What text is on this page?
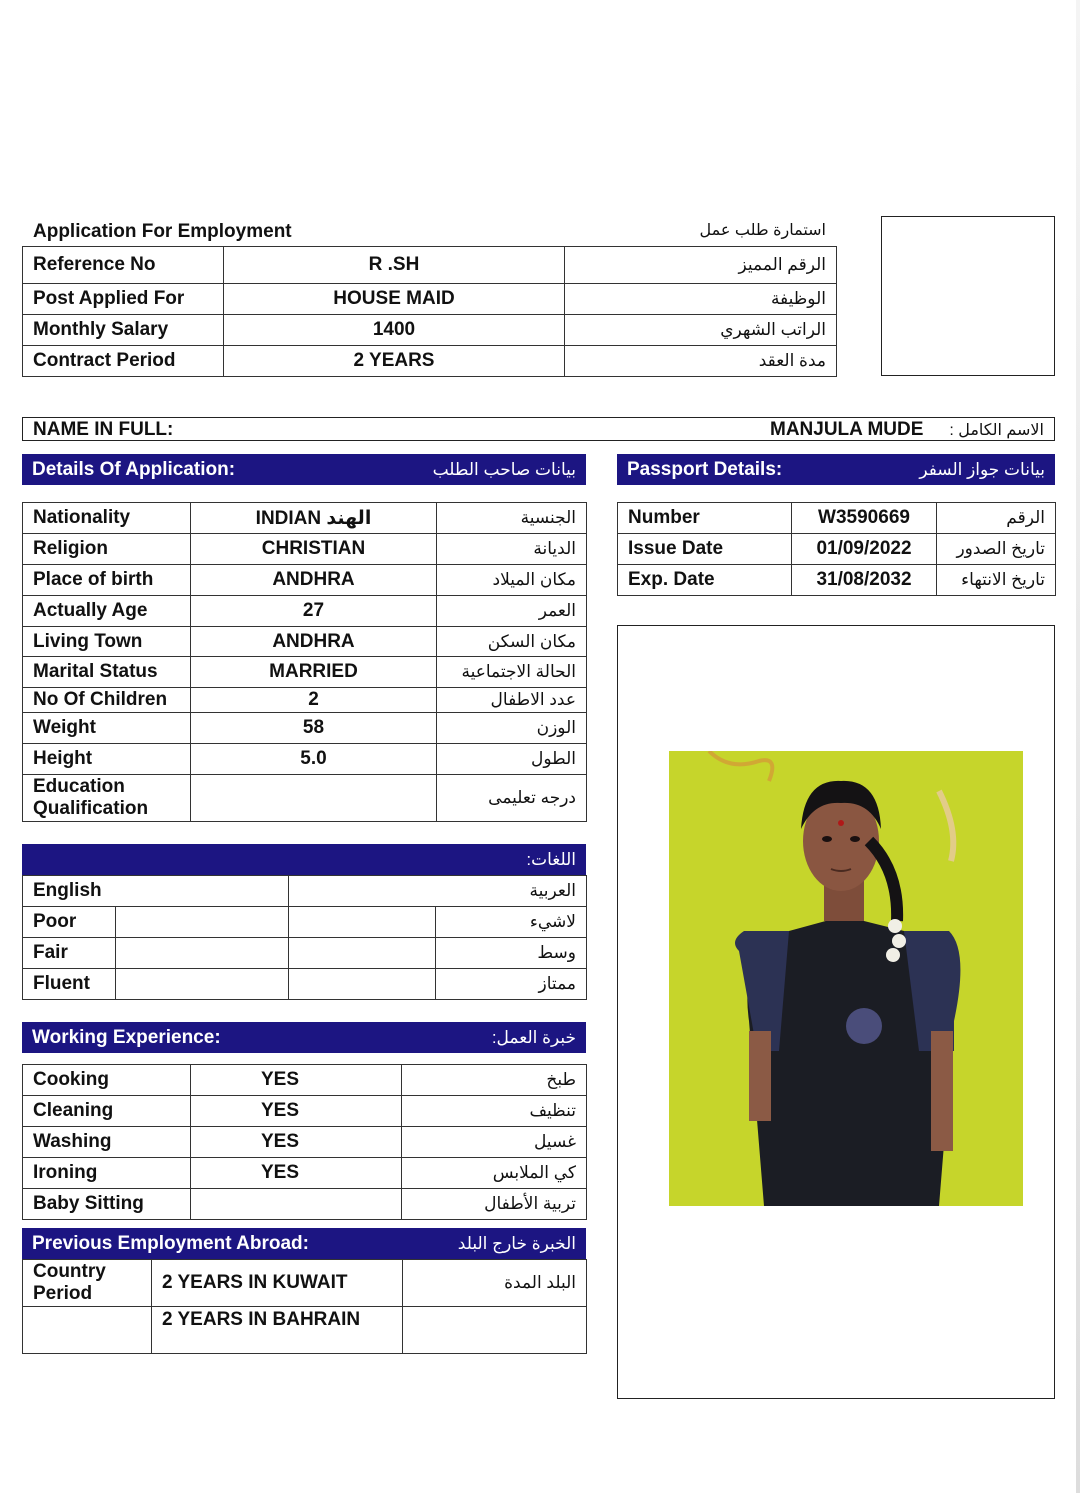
Application For Employment	استمارة طلب عمل
Reference No	R .SH	الرقم المميز
Post Applied For	HOUSE MAID	الوظيفة
Monthly Salary	1400	الراتب الشهري
Contract Period	2 YEARS	مدة العقد
NAME IN FULL:	MANJULA MUDE الاسم الكامل :
Details Of Application:	بيانات صاحب الطلب
Nationality	INDIAN الهند	الجنسية
Religion	CHRISTIAN	الديانة
Place of birth	ANDHRA	مكان الميلاد
Actually Age	27	العمر
Living Town	ANDHRA	مكان السكن
Marital Status	MARRIED	الحالة الاجتماعية
No Of Children	2	عدد الاطفال
Weight	58	الوزن
Height	5.0	الطول
Education Qualification		درجه تعليمى
Passport Details:	بيانات جواز السفر
Number	W3590669	الرقم
Issue Date	01/09/2022	تاريخ الصدور
Exp. Date	31/08/2032	تاريخ الانتهاء
اللغات:
English		العربية	
Poor			لاشيء
Fair			وسط
Fluent			ممتاز
Working Experience:	خبرة العمل:
Cooking	YES	طبخ
Cleaning	YES	تنظيف
Washing	YES	غسيل
Ironing	YES	كي الملابس
Baby Sitting		تربية الأطفال
Previous Employment Abroad:	الخبرة خارج البلد
Country Period	2 YEARS IN KUWAIT	البلد المدة
	2 YEARS IN BAHRAIN	
